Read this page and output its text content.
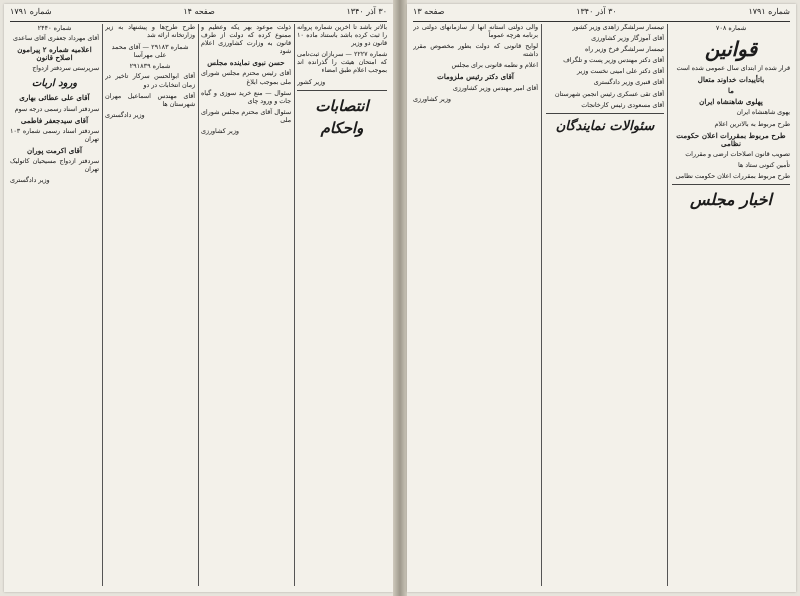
۳۰ آذر ۱۳۴۰
صفحه ۱۴
شماره ۱۷۹۱

بالاتر باشد تا آخرین شماره پروانه را ثبت کرده باشد باستناد ماده ۱۰ قانون دو وزیر

شماره ۲۲۲۷ — سربازان ثبت‌نامی که امتحان هیئت را گذرانده اند بموجب اعلام طبق امضاء

وزیر کشور

انتصابات واحکام

ذولت موعود بهر یکه وعظیم و ممنوع کرده که دولت از طرف قانون به وزارت کشاورزی اعلام شود

حسن نبوی نماینده مجلس

آقای رئیس محترم مجلس شورای ملی بموجب ابلاغ

سئوال — منع خرید سوزی و گیاه جات و ورود چای

سئوال آقای محترم مجلس شورای ملی

وزیر کشاورزی

طرح طرح‌ها و پیشنهاد به زیر وزارتخانه ارائه شد

شماره ۲۹۱۸۳ — آقای محمد علی مهرآسا

شماره ۲۹۱۸۳۹

آقای ابوالحسن سرکار تاخیر در زمان انتخابات در دو

آقای مهندس اسماعیل مهران شهرستان ها

وزیر دادگستری

شماره ۲۴۴۰

آقای مهرداد جعفری آقای ساعدی

اعلامیه شماره ۲ پیرامون اصلاح قانون

سرپرستی سردفتر ازدواج

ورود اربات

آقای علی عطائی بهاری

سردفتر اسناد رسمی درجه سوم

آقای سیدجعفر فاطمی

سردفتر اسناد رسمی شماره ۱۰۳ تهران

آقای اکرمت پوران

سردفتر ازدواج مسیحیان کاتولیک تهران

وزیر دادگستری

شماره ۱۷۹۱
۳۰ آذر ۱۳۴۰
صفحه ۱۳

شماره ۷۰۸

قوانین

قرار شده از ابتدای سال عمومی شده است

باتأییدات خداوند متعال

ما

پهلوی شاهنشاه ایران

یهوی شاهنشاه ایران

طرح مربوط به بالاترین اعلام

طرح مربوط بمقررات اعلان حکومت نظامی

تصویب قانون اصلاحات ارضی و مقررات

تأمین کنونی ستاد ها

طرح مربوط بمقررات اعلان حکومت نظامی

اخبار مجلس

تیمسار سرلشگر زاهدی وزیر کشور

آقای آموزگار وزیر کشاورزی

تیمسار سرلشگر فرخ وزیر راه

آقای دکتر مهندس وزیر پست و تلگراف

آقای دکتر علی امینی نخست وزیر

آقای قنبری وزیر دادگستری

آقای تقی عسکری رئیس انجمن شهرستان

آقای مسعودی رئیس کارخانجات

سئوالات نمایندگان

والی دولتی استانه آنها از سازمانهای دولتی در برنامه هرچه عموماً

لوایح قانونی که دولت بطور مخصوص مقرر داشته

اعلام و نظمه قانونی برای مجلس

آقای دکتر رئیس ملزومات

آقای امیر مهندس وزیر کشاورزی

وزیر کشاورزی
